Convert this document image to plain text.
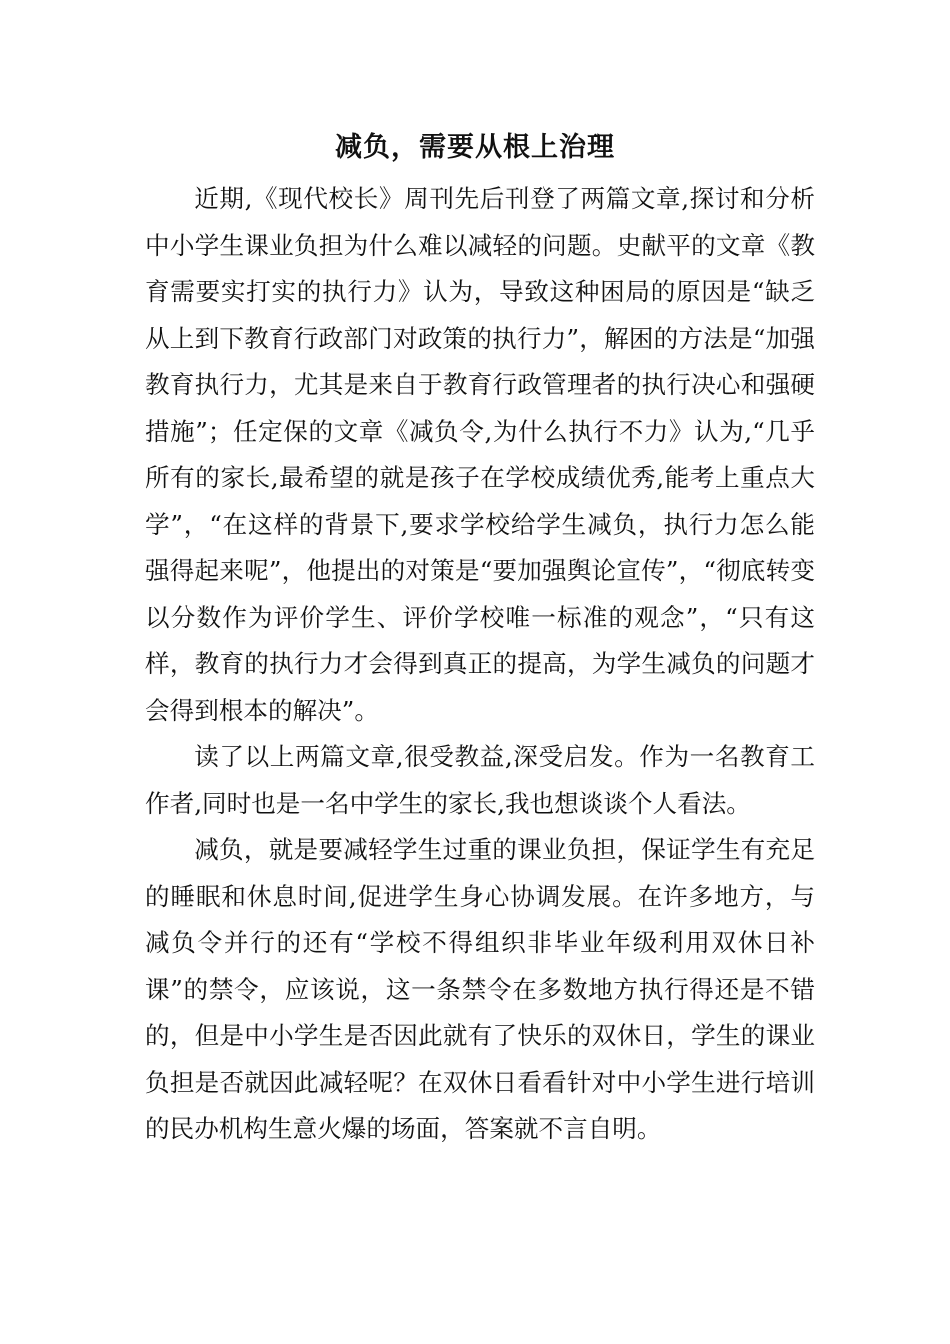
减负，需要从根上治理

近期,《现代校长》周刊先后刊登了两篇文章,探讨和分析中小学生课业负担为什么难以减轻的问题。史献平的文章《教育需要实打实的执行力》认为，导致这种困局的原因是“缺乏从上到下教育行政部门对政策的执行力”，解困的方法是“加强教育执行力，尤其是来自于教育行政管理者的执行决心和强硬措施”；任定保的文章《减负令,为什么执行不力》认为,“几乎所有的家长,最希望的就是孩子在学校成绩优秀,能考上重点大学”，“在这样的背景下,要求学校给学生减负，执行力怎么能强得起来呢”，他提出的对策是“要加强舆论宣传”，“彻底转变以分数作为评价学生、评价学校唯一标准的观念”，“只有这样，教育的执行力才会得到真正的提高，为学生减负的问题才会得到根本的解决”。

读了以上两篇文章,很受教益,深受启发。作为一名教育工作者,同时也是一名中学生的家长,我也想谈谈个人看法。

减负，就是要减轻学生过重的课业负担，保证学生有充足的睡眠和休息时间,促进学生身心协调发展。在许多地方，与减负令并行的还有“学校不得组织非毕业年级利用双休日补课”的禁令，应该说，这一条禁令在多数地方执行得还是不错的，但是中小学生是否因此就有了快乐的双休日，学生的课业负担是否就因此减轻呢？在双休日看看针对中小学生进行培训的民办机构生意火爆的场面，答案就不言自明。
